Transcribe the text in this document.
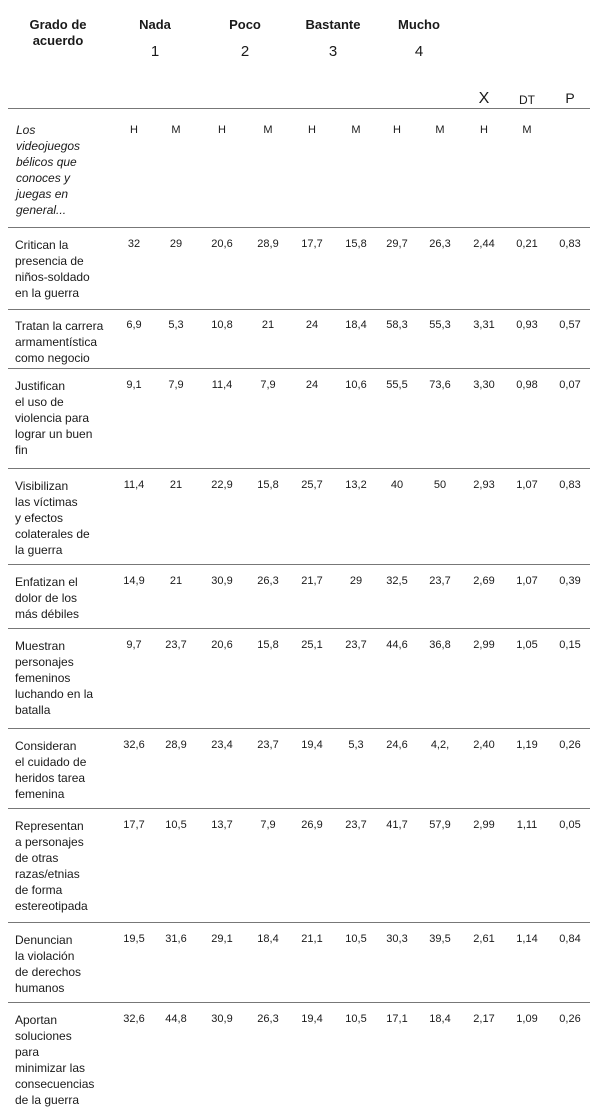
Grado de
acuerdo
Nada
1
Poco
2
Bastante
3
Mucho
4
X	DT	P
Los
videojuegos
bélicos que
conoces y
juegas en
general...
H	M	H	M	H	M	H	M	H	M
Critican la
presencia de
niños-soldado
en la guerra
32	29	20,6	28,9	17,7	15,8	29,7	26,3	2,44	0,21	0,83
Tratan la carrera
armamentística
como negocio
6,9	5,3	10,8	21	24	18,4	58,3	55,3	3,31	0,93	0,57
Justifican
el uso de
violencia para
lograr un buen
fin
9,1	7,9	11,4	7,9	24	10,6	55,5	73,6	3,30	0,98	0,07
Visibilizan
las víctimas
y efectos
colaterales de
la guerra
11,4	21	22,9	15,8	25,7	13,2	40	50	2,93	1,07	0,83
Enfatizan el
dolor de los
más débiles
14,9	21	30,9	26,3	21,7	29	32,5	23,7	2,69	1,07	0,39
Muestran
personajes
femeninos
luchando en la
batalla
9,7	23,7	20,6	15,8	25,1	23,7	44,6	36,8	2,99	1,05	0,15
Consideran
el cuidado de
heridos tarea
femenina
32,6	28,9	23,4	23,7	19,4	5,3	24,6	4,2,	2,40	1,19	0,26
Representan
a personajes
de otras
razas/etnias
de forma
estereotipada
17,7	10,5	13,7	7,9	26,9	23,7	41,7	57,9	2,99	1,11	0,05
Denuncian
la violación
de derechos
humanos
19,5	31,6	29,1	18,4	21,1	10,5	30,3	39,5	2,61	1,14	0,84
Aportan
soluciones
para
minimizar las
consecuencias
de la guerra
32,6	44,8	30,9	26,3	19,4	10,5	17,1	18,4	2,17	1,09	0,26
